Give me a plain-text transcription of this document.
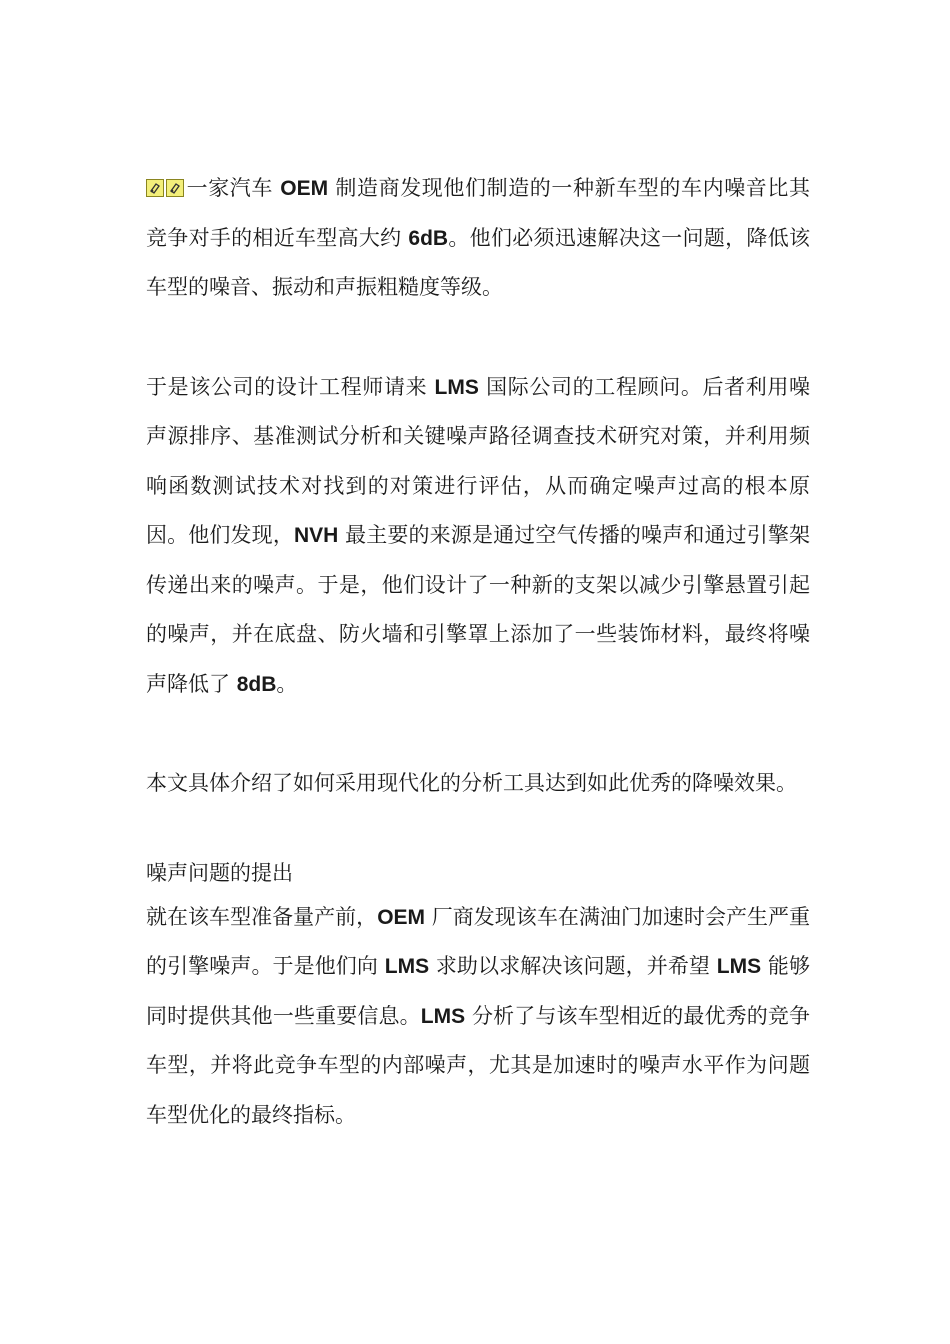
一家汽车 OEM 制造商发现他们制造的一种新车型的车内噪音比其竞争对手的相近车型高大约 6dB。他们必须迅速解决这一问题，降低该车型的噪音、振动和声振粗糙度等级。

于是该公司的设计工程师请来 LMS 国际公司的工程顾问。后者利用噪声源排序、基准测试分析和关键噪声路径调查技术研究对策，并利用频响函数测试技术对找到的对策进行评估，从而确定噪声过高的根本原因。他们发现，NVH 最主要的来源是通过空气传播的噪声和通过引擎架传递出来的噪声。于是，他们设计了一种新的支架以减少引擎悬置引起的噪声，并在底盘、防火墙和引擎罩上添加了一些装饰材料，最终将噪声降低了 8dB。

本文具体介绍了如何采用现代化的分析工具达到如此优秀的降噪效果。

噪声问题的提出

就在该车型准备量产前，OEM 厂商发现该车在满油门加速时会产生严重的引擎噪声。于是他们向 LMS 求助以求解决该问题，并希望 LMS 能够同时提供其他一些重要信息。LMS 分析了与该车型相近的最优秀的竞争车型，并将此竞争车型的内部噪声，尤其是加速时的噪声水平作为问题车型优化的最终指标。
